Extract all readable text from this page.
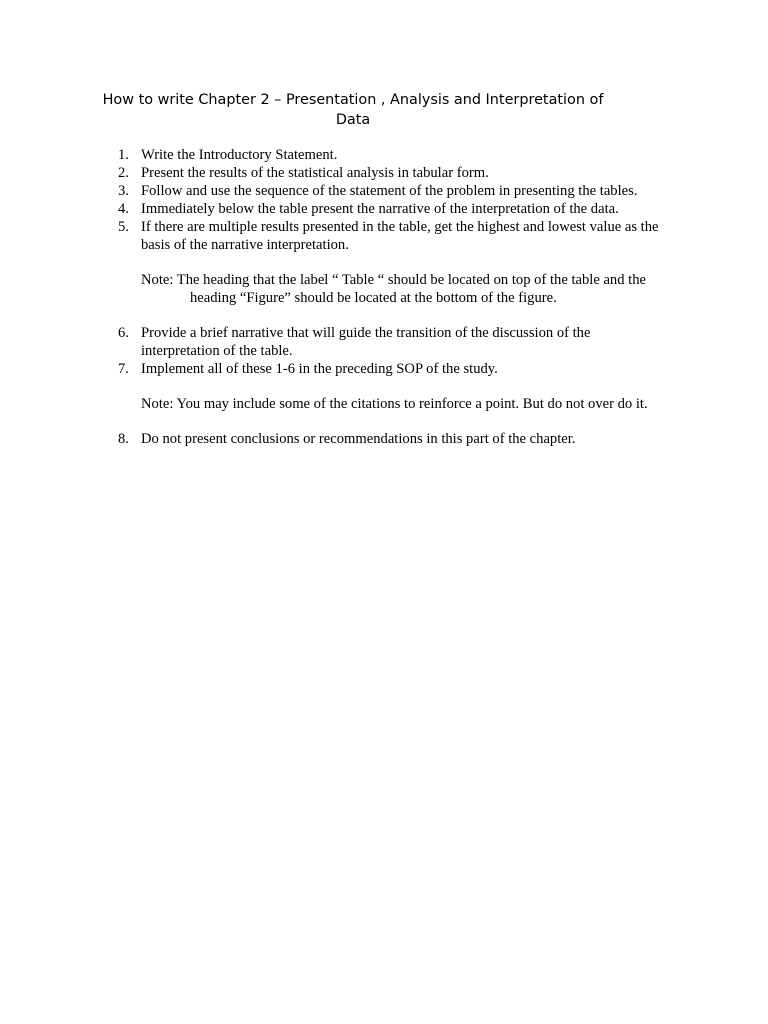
How to write Chapter 2 – Presentation , Analysis and Interpretation of
Data
1. Write the Introductory Statement.
2. Present the results of the statistical analysis in tabular form.
3. Follow and use the sequence of the statement of the problem in presenting the tables.
4. Immediately below the table present the narrative of the interpretation of the data.
5. If there are multiple results presented in the table, get the highest and lowest value as the
basis of the narrative interpretation.
Note: The heading that the label “ Table “ should be located on top of the table and the
heading “Figure” should be located at the bottom of the figure.
6. Provide a brief narrative that will guide the transition of the discussion of the
interpretation of the table.
7. Implement all of these 1-6 in the preceding SOP of the study.
Note: You may include some of the citations to reinforce a point. But do not over do it.
8. Do not present conclusions or recommendations in this part of the chapter.
